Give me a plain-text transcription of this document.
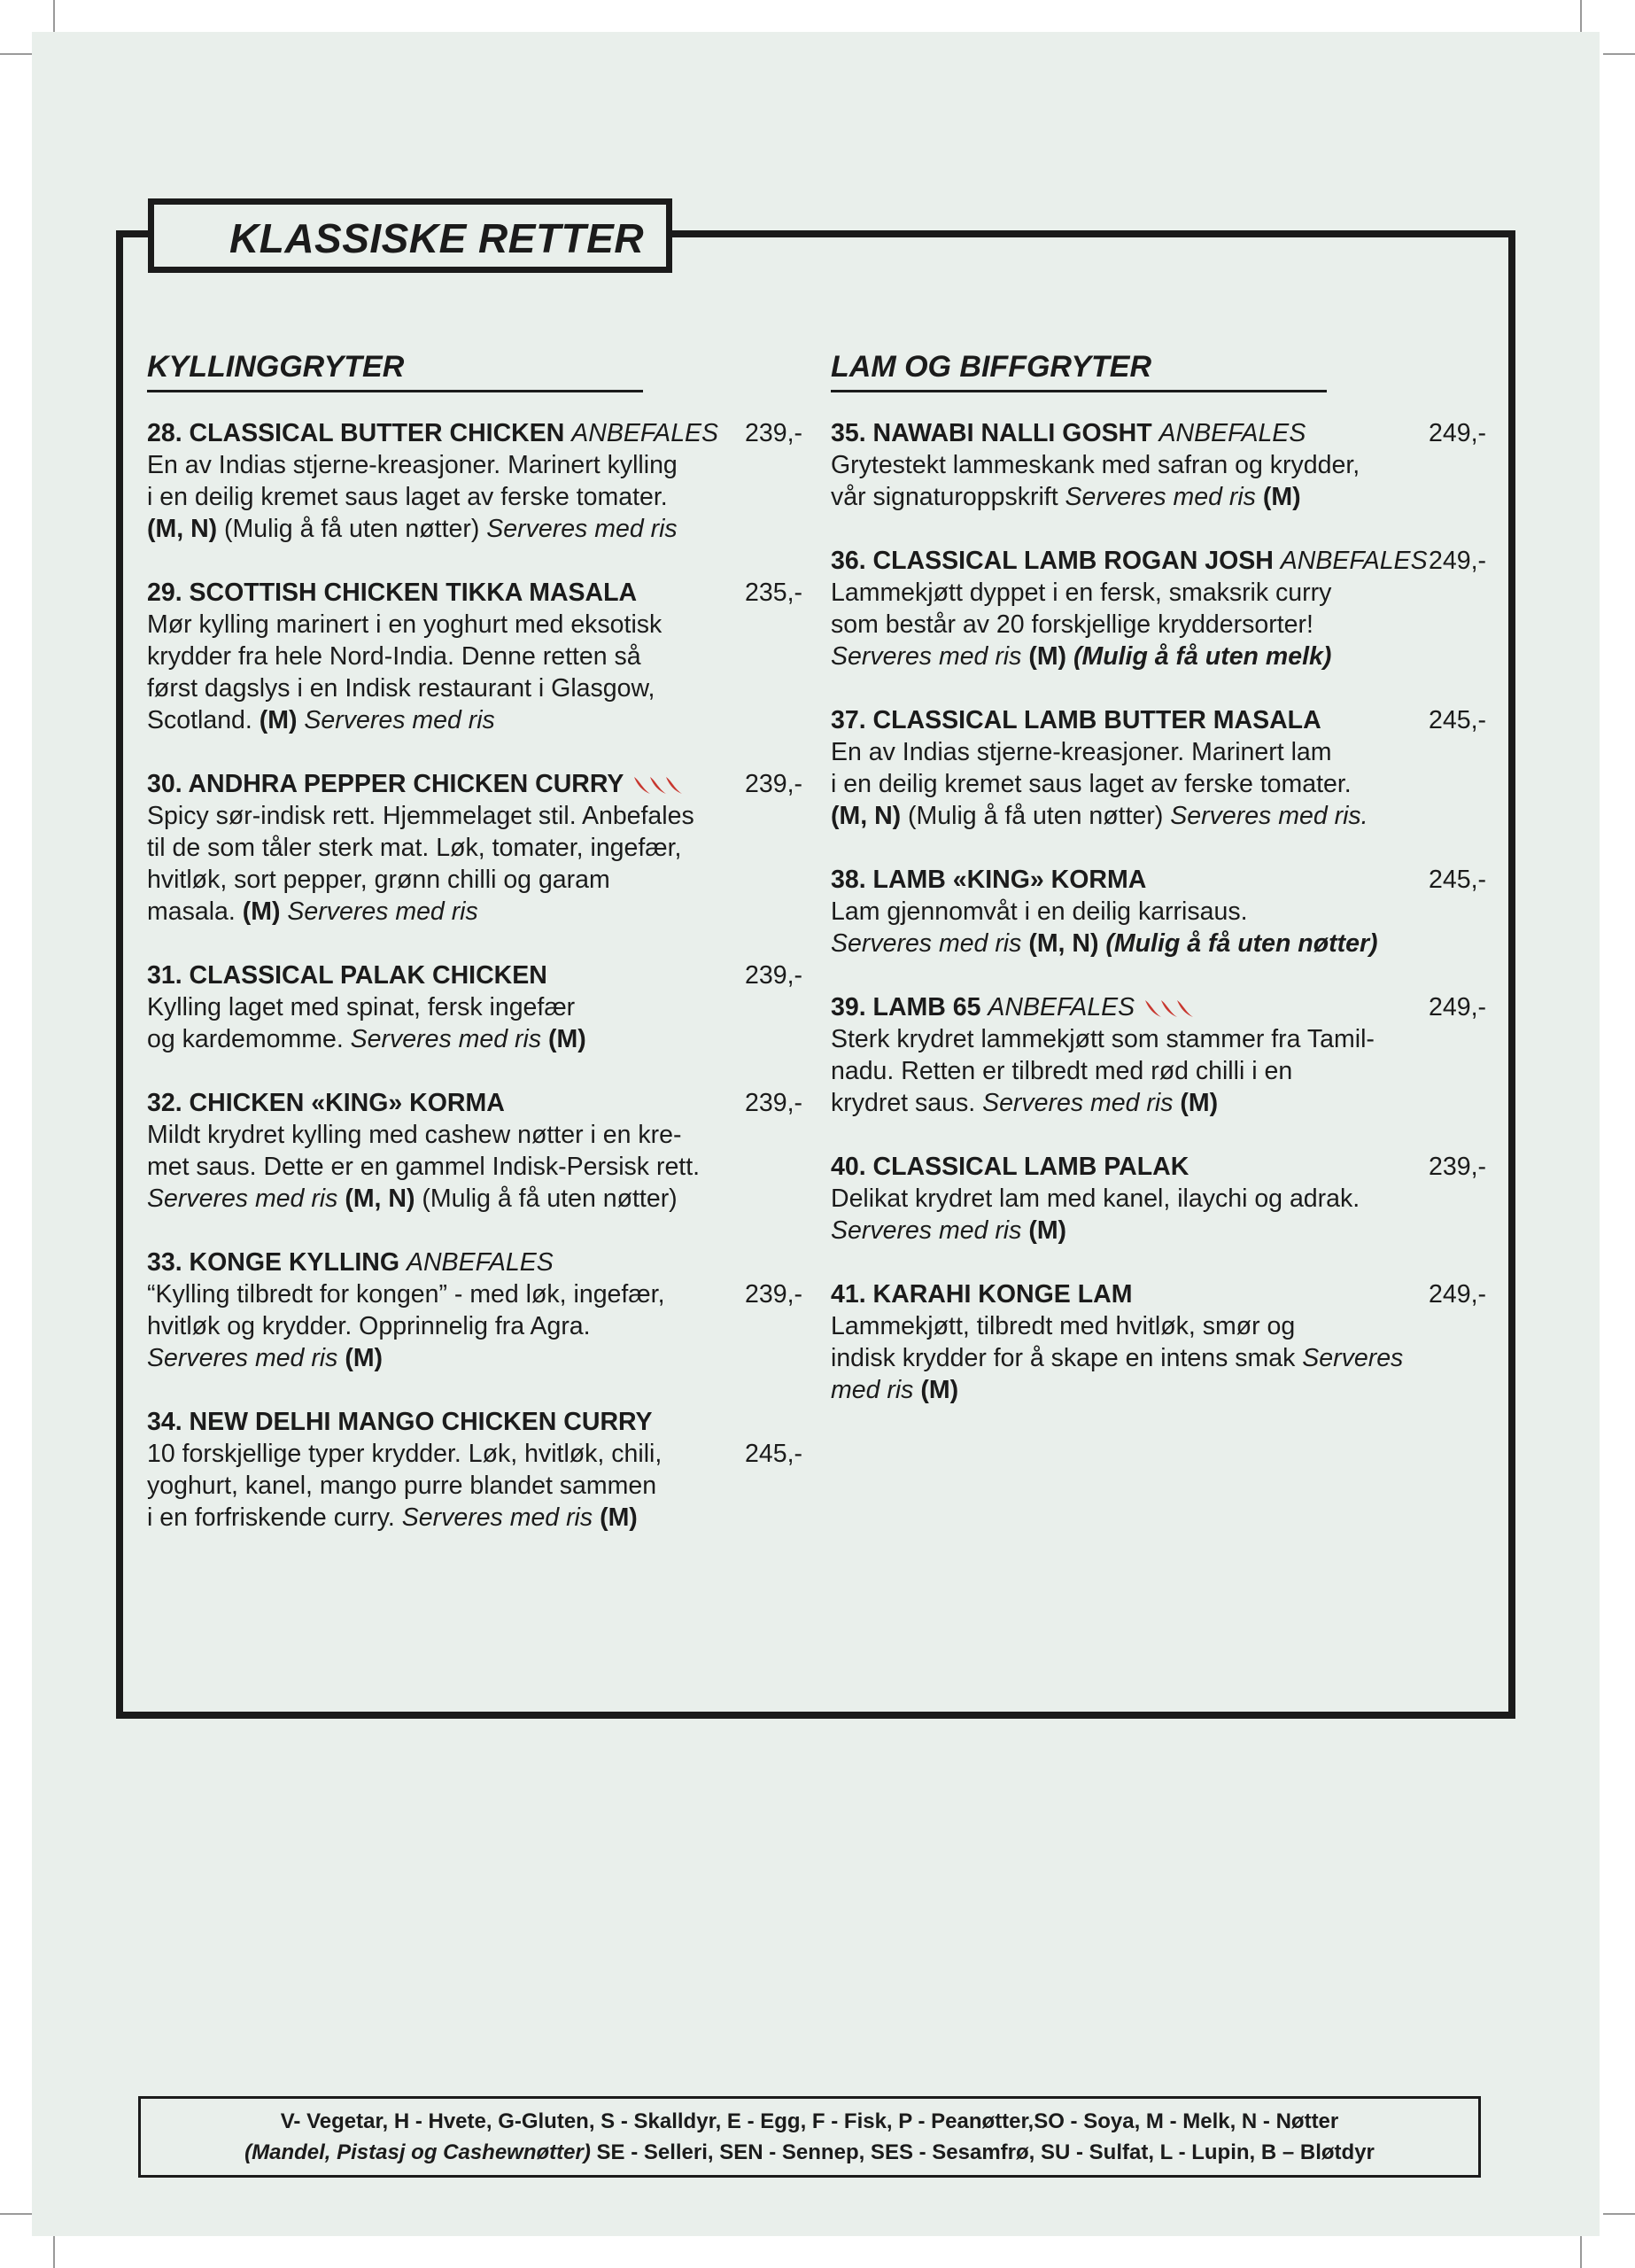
KLASSISKE RETTER
KYLLINGGRYTER
28. CLASSICAL BUTTER CHICKEN ANBEFALES 239,-
En av Indias stjerne-kreasjoner. Marinert kylling
i en deilig kremet saus laget av ferske tomater.
(M, N) (Mulig å få uten nøtter) Serveres med ris
29. SCOTTISH CHICKEN TIKKA MASALA	235,-
Mør kylling marinert i en yoghurt med eksotisk
krydder fra hele Nord-India. Denne retten så
først dagslys i en Indisk restaurant i Glasgow,
Scotland. (M) Serveres med ris
30. ANDHRA PEPPER CHICKEN CURRY	239,-
Spicy sør-indisk rett. Hjemmelaget stil. Anbefales
til de som tåler sterk mat. Løk, tomater, ingefær,
hvitløk, sort pepper, grønn chilli og garam
masala. (M) Serveres med ris
31. CLASSICAL PALAK CHICKEN	239,-
Kylling laget med spinat, fersk ingefær
og kardemomme. Serveres med ris (M)
32. CHICKEN «KING» KORMA	239,-
Mildt krydret kylling med cashew nøtter i en kre-
met saus. Dette er en gammel Indisk-Persisk rett.
Serveres med ris (M, N) (Mulig å få uten nøtter)
33. KONGE KYLLING ANBEFALES
“Kylling tilbredt for kongen” - med løk, ingefær,	239,-
hvitløk og krydder. Opprinnelig fra Agra.
Serveres med ris (M)
34. NEW DELHI MANGO CHICKEN CURRY
10 forskjellige typer krydder. Løk, hvitløk, chili,	245,-
yoghurt, kanel, mango purre blandet sammen
i en forfriskende curry. Serveres med ris (M)
LAM OG BIFFGRYTER
35. NAWABI NALLI GOSHT ANBEFALES	249,-
Grytestekt lammeskank med safran og krydder,
vår signaturoppskrift Serveres med ris (M)
36. CLASSICAL LAMB ROGAN JOSH ANBEFALES 249,-
Lammekjøtt dyppet i en fersk, smaksrik curry
som består av 20 forskjellige kryddersorter!
Serveres med ris (M) (Mulig å få uten melk)
37. CLASSICAL LAMB BUTTER MASALA	245,-
En av Indias stjerne-kreasjoner. Marinert lam
i en deilig kremet saus laget av ferske tomater.
(M, N) (Mulig å få uten nøtter) Serveres med ris.
38. LAMB «KING» KORMA	245,-
Lam gjennomvåt i en deilig karrisaus.
Serveres med ris (M, N) (Mulig å få uten nøtter)
39. LAMB 65 ANBEFALES	249,-
Sterk krydret lammekjøtt som stammer fra Tamil-
nadu. Retten er tilbredt med rød chilli i en
krydret saus. Serveres med ris (M)
40. CLASSICAL LAMB PALAK	239,-
Delikat krydret lam med kanel, ilaychi og adrak.
Serveres med ris (M)
41. KARAHI KONGE LAM	249,-
Lammekjøtt, tilbredt med hvitløk, smør og
indisk krydder for å skape en intens smak Serveres
med ris (M)
V- Vegetar, H - Hvete, G-Gluten, S - Skalldyr, E - Egg, F - Fisk, P - Peanøtter,SO - Soya, M - Melk, N - Nøtter
(Mandel, Pistasj og Cashewnøtter) SE - Selleri, SEN - Sennep, SES - Sesamfrø, SU - Sulfat, L - Lupin, B – Bløtdyr
